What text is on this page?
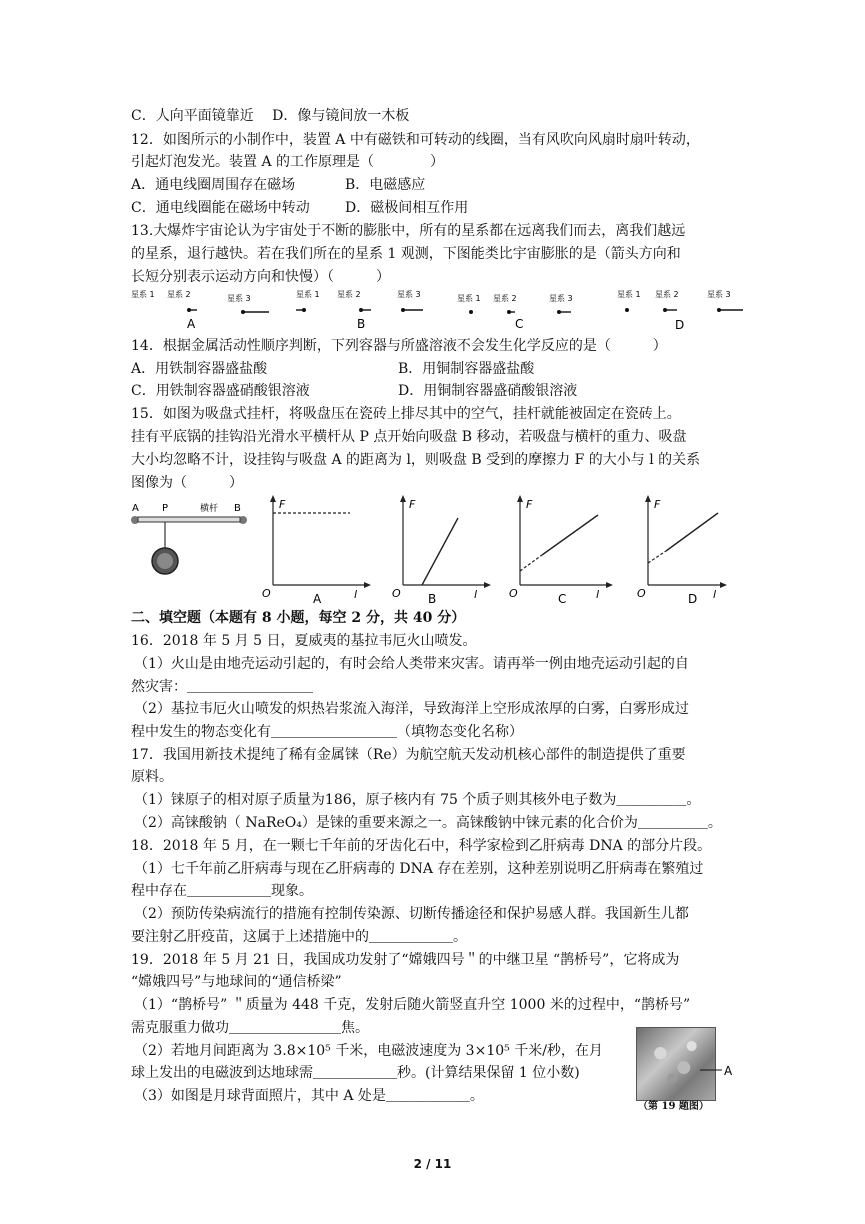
C．人向平面镜靠近　 D．像与镜间放一木板
12．如图所示的小制作中，装置 A 中有磁铁和可转动的线圈，当有风吹向风扇时扇叶转动，
引起灯泡发光。装置 A 的工作原理是（　　　　）
A．通电线圈周围存在磁场	B．电磁感应
C．通电线圈能在磁场中转动	D．磁极间相互作用
13.大爆炸宇宙论认为宇宙处于不断的膨胀中，所有的星系都在远离我们而去，离我们越远
的星系，退行越快。若在我们所在的星系 1 观测，下图能类比宇宙膨胀的是（箭头方向和
长短分别表示运动方向和快慢）（　　　）
星系 1 星系 2	星系 3
A
星系 1 星系 2	星系 3
B
星系 1 星系 2	星系 3
C
星系 1 星系 2	星系 3
D
14．根据金属活动性顺序判断，下列容器与所盛溶液不会发生化学反应的是（　　　）
A．用铁制容器盛盐酸	B．用铜制容器盛盐酸
C．用铁制容器盛硝酸银溶液	D．用铜制容器盛硝酸银溶液
15．如图为吸盘式挂杆，将吸盘压在瓷砖上排尽其中的空气，挂杆就能被固定在瓷砖上。
挂有平底锅的挂钩沿光滑水平横杆从 P 点开始向吸盘 B 移动，若吸盘与横杆的重力、吸盘
大小均忽略不计，设挂钩与吸盘 A 的距离为 l，则吸盘 B 受到的摩擦力 F 的大小与 l 的关系
图像为（　　　）
A P	横杆 B	F
O	l
A
F
O	l
B
F
O	l
C
F
O	l
D
二、填空题（本题有 8 小题，每空 2 分，共 40 分）
16．2018 年 5 月 5 日，夏威夷的基拉韦厄火山喷发。
（1）火山是由地壳运动引起的，有时会给人类带来灾害。请再举一例由地壳运动引起的自
然灾害：＿＿＿＿＿＿＿＿＿
（2）基拉韦厄火山喷发的炽热岩浆流入海洋，导致海洋上空形成浓厚的白雾，白雾形成过
程中发生的物态变化有＿＿＿＿＿＿＿＿＿（填物态变化名称）
17．我国用新技术提纯了稀有金属铼（Re）为航空航天发动机核心部件的制造提供了重要
原料。
（1）铼原子的相对原子质量为186，原子核内有 75 个质子则其核外电子数为＿＿＿＿＿。
（2）高铼酸钠（ NaReO₄）是铼的重要来源之一。高铼酸钠中铼元素的化合价为＿＿＿＿＿。
18．2018 年 5 月，在一颗七千年前的牙齿化石中，科学家检到乙肝病毒 DNA 的部分片段。
（1）七千年前乙肝病毒与现在乙肝病毒的 DNA 存在差别，这种差别说明乙肝病毒在繁殖过
程中存在＿＿＿＿＿＿现象。
（2）预防传染病流行的措施有控制传染源、切断传播途径和保护易感人群。我国新生儿都
要注射乙肝疫苗，这属于上述措施中的＿＿＿＿＿＿。
19．2018 年 5 月 21 日，我国成功发射了“嫦娥四号＂的中继卫星 “鹊桥号”，它将成为
“嫦娥四号”与地球间的“通信桥梁”
（1）“鹊桥号” ＂质量为 448 千克，发射后随火箭竖直升空 1000 米的过程中，“鹊桥号”
需克服重力做功＿＿＿＿＿＿＿＿焦。
（2）若地月间距离为 3.8×10⁵ 千米，电磁波速度为 3×10⁵ 千米/秒，在月
球上发出的电磁波到达地球需＿＿＿＿＿＿秒。(计算结果保留 1 位小数)
（3）如图是月球背面照片，其中 A 处是＿＿＿＿＿＿。
A
（第 19 题图）
2 / 11
